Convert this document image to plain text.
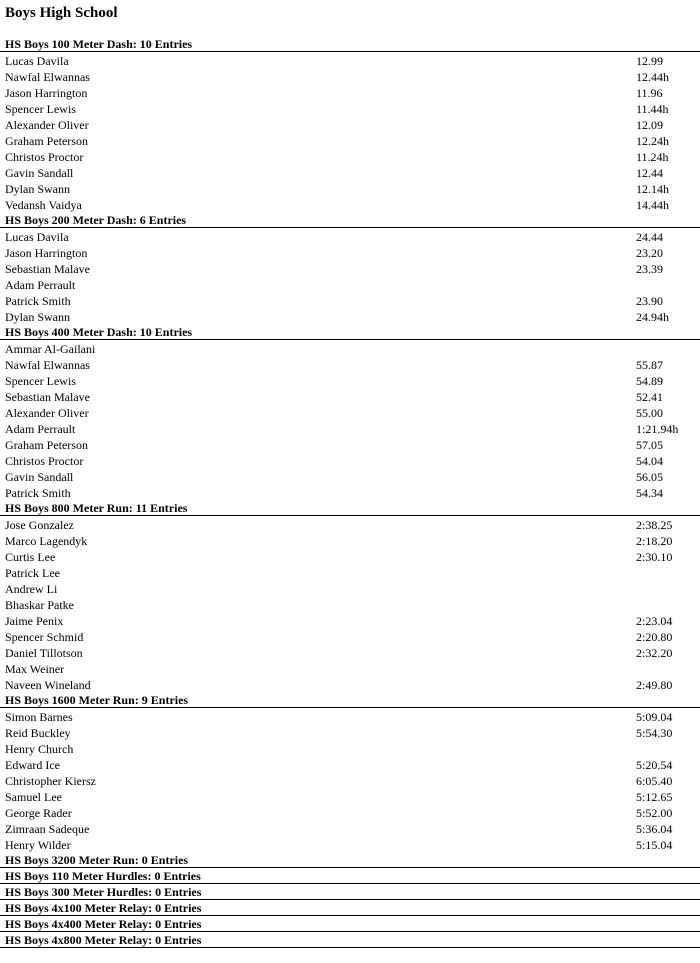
Boys High School
HS Boys 100 Meter Dash: 10 Entries
Lucas Davila	12.99
Nawfal Elwannas	12.44h
Jason Harrington	11.96
Spencer Lewis	11.44h
Alexander Oliver	12.09
Graham Peterson	12.24h
Christos Proctor	11.24h
Gavin Sandall	12.44
Dylan Swann	12.14h
Vedansh Vaidya	14.44h
HS Boys 200 Meter Dash: 6 Entries
Lucas Davila	24.44
Jason Harrington	23.20
Sebastian Malave	23.39
Adam Perrault
Patrick Smith	23.90
Dylan Swann	24.94h
HS Boys 400 Meter Dash: 10 Entries
Ammar Al-Gailani
Nawfal Elwannas	55.87
Spencer Lewis	54.89
Sebastian Malave	52.41
Alexander Oliver	55.00
Adam Perrault	1:21.94h
Graham Peterson	57.05
Christos Proctor	54.04
Gavin Sandall	56.05
Patrick Smith	54.34
HS Boys 800 Meter Run: 11 Entries
Jose Gonzalez	2:38.25
Marco Lagendyk	2:18.20
Curtis Lee	2:30.10
Patrick Lee
Andrew Li
Bhaskar Patke
Jaime Penix	2:23.04
Spencer Schmid	2:20.80
Daniel Tillotson	2:32.20
Max Weiner
Naveen Wineland	2:49.80
HS Boys 1600 Meter Run: 9 Entries
Simon Barnes	5:09.04
Reid Buckley	5:54.30
Henry Church
Edward Ice	5:20.54
Christopher Kiersz	6:05.40
Samuel Lee	5:12.65
George Rader	5:52.00
Zimraan Sadeque	5:36.04
Henry Wilder	5:15.04
HS Boys 3200 Meter Run: 0 Entries
HS Boys 110 Meter Hurdles: 0 Entries
HS Boys 300 Meter Hurdles: 0 Entries
HS Boys 4x100 Meter Relay: 0 Entries
HS Boys 4x400 Meter Relay: 0 Entries
HS Boys 4x800 Meter Relay: 0 Entries
